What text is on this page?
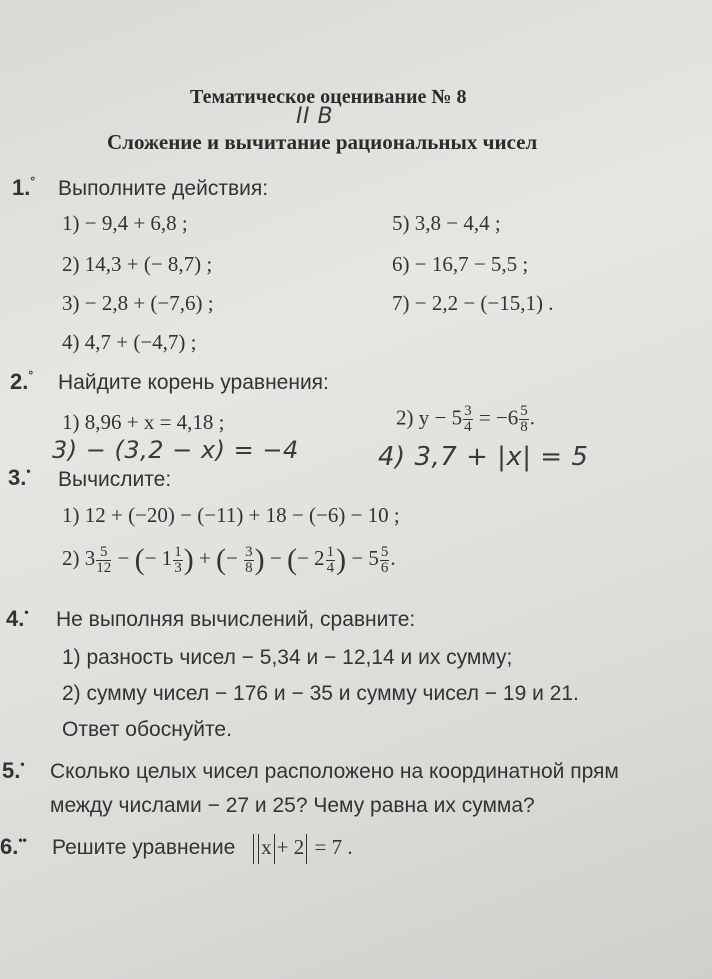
Тематическое оценивание № 8
II В
Сложение и вычитание рациональных чисел
1.° Выполните действия:
1) − 9,4 + 6,8 ;
2) 14,3 + (− 8,7) ;
3) − 2,8 + (−7,6) ;
4) 4,7 + (−4,7) ;
5) 3,8 − 4,4 ;
6) − 16,7 − 5,5 ;
7) − 2,2 − (−15,1) .
2.° Найдите корень уравнения:
1) 8,96 + x = 4,18 ;	2) $y - 5 \frac{3}{4} = -6 \frac{5}{8}$ .
3) − (3,2 − x) = −4	4) 3,7 + |x| = 5
3.• Вычислите:
1) 12 + (−20) − (−11) + 18 − (−6) − 10 ;
2) $3 \frac{5}{12}$ − (− $1 \frac{1}{3}$ ) + (− $\frac{3}{8}$ ) − (− $2 \frac{1}{4}$ ) − $5 \frac{5}{6}$ .
4.• Не выполняя вычислений, сравните:
1) разность чисел − 5,34 и − 12,14 и их сумму;
2) сумму чисел − 176 и − 35 и сумму чисел − 19 и 21.
Ответ обоснуйте.
5.• Сколько целых чисел расположено на координатной прям
между числами − 27 и 25? Чему равна их сумма?
6.•• Решите уравнение x + 2 = 7 .
